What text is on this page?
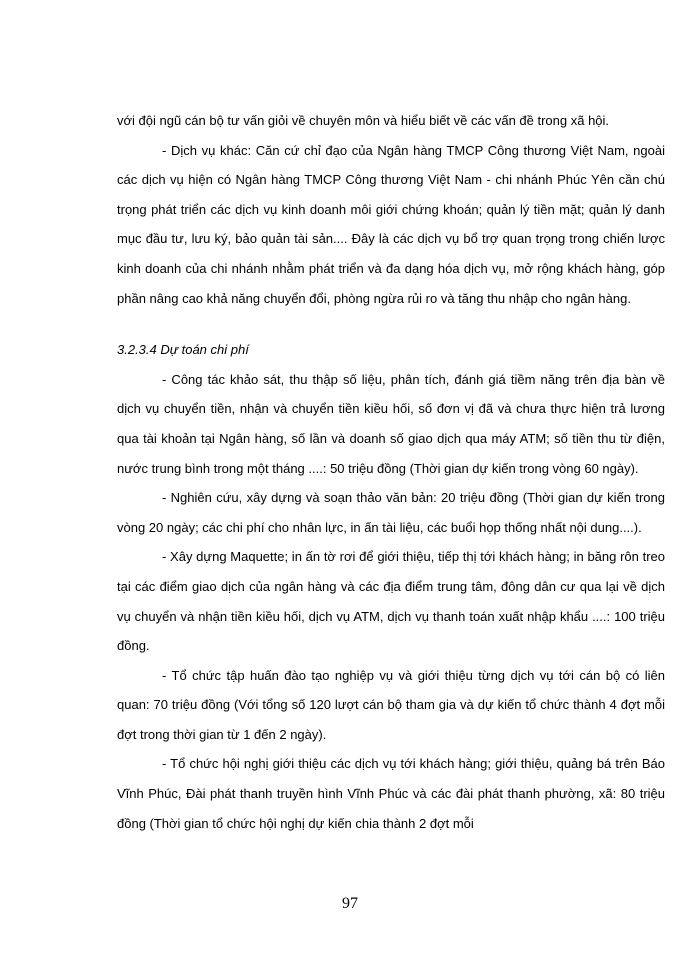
với đội ngũ cán bộ tư vấn giỏi về chuyên môn và hiểu biết về các vấn đề trong xã hội.

- Dịch vụ khác: Căn cứ chỉ đạo của Ngân hàng TMCP Công thương Việt Nam, ngoài các dịch vụ hiện có Ngân hàng TMCP Công thương Việt Nam - chi nhánh Phúc Yên cần chú trọng phát triển các dịch vụ kinh doanh môi giới chứng khoán; quản lý tiền mặt; quản lý danh mục đầu tư, lưu ký, bảo quản tài sản.... Đây là các dịch vụ bổ trợ quan trọng trong chiến lược kinh doanh của chi nhánh nhằm phát triển và đa dạng hóa dịch vụ, mở rộng khách hàng, góp phần nâng cao khả năng chuyển đổi, phòng ngừa rủi ro và tăng thu nhập cho ngân hàng.

3.2.3.4 Dự toán chi phí

- Công tác khảo sát, thu thập số liệu, phân tích, đánh giá tiềm năng trên địa bàn về dịch vụ chuyển tiền, nhận và chuyển tiền kiều hối, số đơn vị đã và chưa thực hiện trả lương qua tài khoản tại Ngân hàng, số lần và doanh số giao dịch qua máy ATM; số tiền thu từ điện, nước trung bình trong một tháng ....: 50 triệu đồng (Thời gian dự kiến trong vòng 60 ngày).

- Nghiên cứu, xây dựng và soạn thảo văn bản: 20 triệu đồng (Thời gian dự kiến trong vòng 20 ngày; các chi phí cho nhân lực, in ấn tài liệu, các buổi họp thống nhất nội dung....).

- Xây dựng Maquette; in ấn tờ rơi để giới thiệu, tiếp thị tới khách hàng; in băng rôn treo tại các điểm giao dịch của ngân hàng và các địa điểm trung tâm, đông dân cư qua lại về dịch vụ chuyển và nhận tiền kiều hối, dịch vụ ATM, dịch vụ thanh toán xuất nhập khẩu ....: 100 triệu đồng.

- Tổ chức tập huấn đào tạo nghiệp vụ và giới thiệu từng dịch vụ tới cán bộ có liên quan: 70 triệu đồng (Với tổng số 120 lượt cán bộ tham gia và dự kiến tổ chức thành 4 đợt mỗi đợt trong thời gian từ 1 đến 2 ngày).

- Tổ chức hội nghị giới thiệu các dịch vụ tới khách hàng; giới thiệu, quảng bá trên Báo Vĩnh Phúc, Đài phát thanh truyền hình Vĩnh Phúc và các đài phát thanh phường, xã: 80 triệu đồng (Thời gian tổ chức hội nghị dự kiến chia thành 2 đợt mỗi

97
